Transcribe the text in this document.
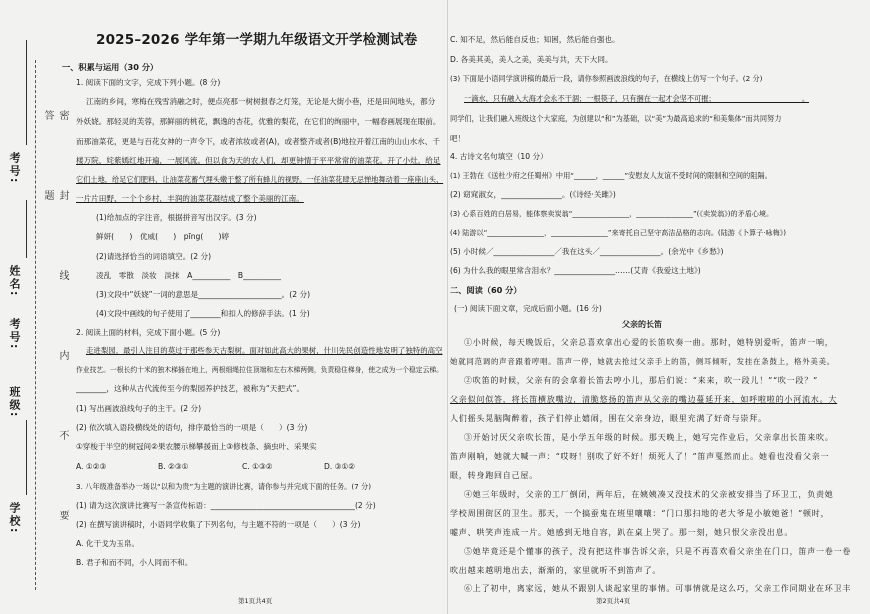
学校:
班级:
姓名:
考号:
考号:	密　封　线　内　不　要　答　题
2025–2026 学年第一学期九年级语文开学检测试卷
一、积累与运用（30 分）
1. 阅读下面的文字，完成下列小题。(8 分)
江南的乡间，寒梅在残雪消融之时，便点亮那一树树报春之灯笼，无论是大街小巷，还是田间地头，都分
外妖娆。那轻灵的芙蓉，那鲜丽的桃花，飘逸的杏花，优雅的梨花，在它们的绚丽中，一幅春画展现在眼前。
而那油菜花，更是与百花女神的一声令下，或者浓妆或者(A)，或者整齐或者(B)地拉开着江南的山山水水、千
楼万院，姹紫嫣红地开遍，一展风流。但以食为天的农人们，却更钟情于平平常常的油菜花。开了小灶，给足
它们土地，给足它们肥料，让油菜花蓄气埋头嫩于整了所有蜂儿的视野。一任油菜花肆无忌惮地舞动着一座座山头、
一片片田野、一个个乡村，丰润的油菜花凝结成了整个美丽的江南。
(1)给加点的字注音，根据拼音写出汉字。(3 分)
鲜妍(　　)　优威(　　)　pīng(　　)婷
(2)请选择恰当的词语填空。(2 分)
凌乱　零散　淡妆　淡抹　A__________　B__________
(3)文段中“妖娆”一词的意思是______________________。(2 分)
(4)文段中画线的句子使用了________和扣人的修辞手法。(1 分)
2. 阅读上面的材料，完成下面小题。(5 分)
走进梨园，最引人注目的莫过于那些参天古梨树。面对如此高大的果树，什川先民创造性地发明了独特的高空
作业技艺。一根长约十米的独木梯插在地上，两根细绳拉住顶端和左右木梯两侧，负责稳住梯身，使之成为一个稳定云梯。
________，这种从古代流传至今的梨园养护技艺，被称为“天把式”。
(1) 写出画波浪线句子的主干。(2 分)
(2) 依次填入语段横线处的语句，排序最恰当的一项是（　　）(3 分)
①穿梭于半空的树冠间②果农腰示梯攀援而上③修枝条、摘虫叶、采果实
A. ①②③	B. ②③①	C. ①③②	D. ③①②
3. 八年级准备举办一场以“以和为贵”为主题的演讲比赛，请你参与并完成下面的任务。(7 分)
(1) 请为这次演讲比赛写一条宣传标语：______________________________________(2 分)
(2) 在撰写演讲稿时，小语同学收集了下列名句，与主题不符的一项是（　　）(3 分)
A. 化干戈为玉帛。
B. 君子和而不同，小人同而不和。
第1页共4页
C. 知不足，然后能自反也；知困，然后能自强也。
D. 各美其美，美人之美，美美与共，天下大同。
(3) 下面是小语同学演讲稿的最后一段，请你参照画波浪线的句子，在横线上仿写一个句子。(2 分)
一滴水，只有融入大海才会永不干涸；一根筷子，只有捆在一起才会坚不可摧；________________________。
同学们，让我们融入班级这个大家庭，为创建以“和”为基础，以“美”为最高追求的“和美集体”而共同努力
吧！
4. 古诗文名句填空（10 分）
(1) 王勃在《送杜少府之任蜀州》中用“______，______”安慰友人友谊不受时间的限制和空间的阻隔。
(2) 窈窕淑女，________________。(《诗经·关雎》)
(3) 心系百姓的白居易，能体察卖炭翁“________________，________________”(《卖炭翁》)的矛盾心境。
(4) 陆游以“________________，________________”来寄托自己坚守高洁品格的志向。(陆游《卜算子·咏梅》)
(5) 小时候／________________／我在这头／________________。(余光中《乡愁》)
(6) 为什么我的眼里常含泪水？________________……(艾青《我爱这土地》)
二、阅读（60 分）
(一) 阅读下面文章，完成后面小题。(16 分)
父亲的长笛
①小时候，每天晚饭后，父亲总喜欢拿出心爱的长笛吹奏一曲。那时，她特别爱听，笛声一响，
她就同范调的声音跟着哼唱。笛声一停，她就去抢过父亲手上的笛，侧耳倾听，发挂在条鼓上，格外美美。
②吹笛的时候，父亲有的会拿着长笛去哼小儿，那后们说：“来来，吹一段儿！”“吹一段？”
父亲似问似答，将长笛横放嘴边，清脆悠扬的笛声从父亲的嘴边蔓延开来，如呼啦啦的小河流水。大
人们摇头晃脑陶醉着，孩子们停止嬉闹，围在父亲身边，眼里充满了好奇与崇拜。
③开始讨厌父亲吹长笛，是小学五年级的时候。那天晚上，她写完作业后，父亲拿出长笛来吹。
笛声刚响，她就大喊一声：“哎呀！别吹了好不好！烦死人了！”笛声戛然而止。她看也没看父亲一
眼，转身跑回自己屋。
④她三年级时，父亲的工厂倒闭，两年后，在姨姨凑又没技术的父亲被安排当了环卫工，负责她
学校周围街区的卫生。那天，一个搞蚕鬼在班里嚷嚷：“门口那扫地的老大爷是小敏她爸！”顿时，
嘘声、哄笑声连成一片。她感到无地自容，趴在桌上哭了。那一刻，她只恨父亲没出息。
⑤她毕竟还是个懂事的孩子，没有把这件事告诉父亲，只是不再喜欢看父亲坐在门口，笛声一卷一卷
吹出越来越明地出去，渐渐的，家里就听不到笛声了。
⑥上了初中，离家远，她从不跟别人谈起家里的事情。可事情就是这么巧，父亲工作同期业在环卫丰
第2页共4页
